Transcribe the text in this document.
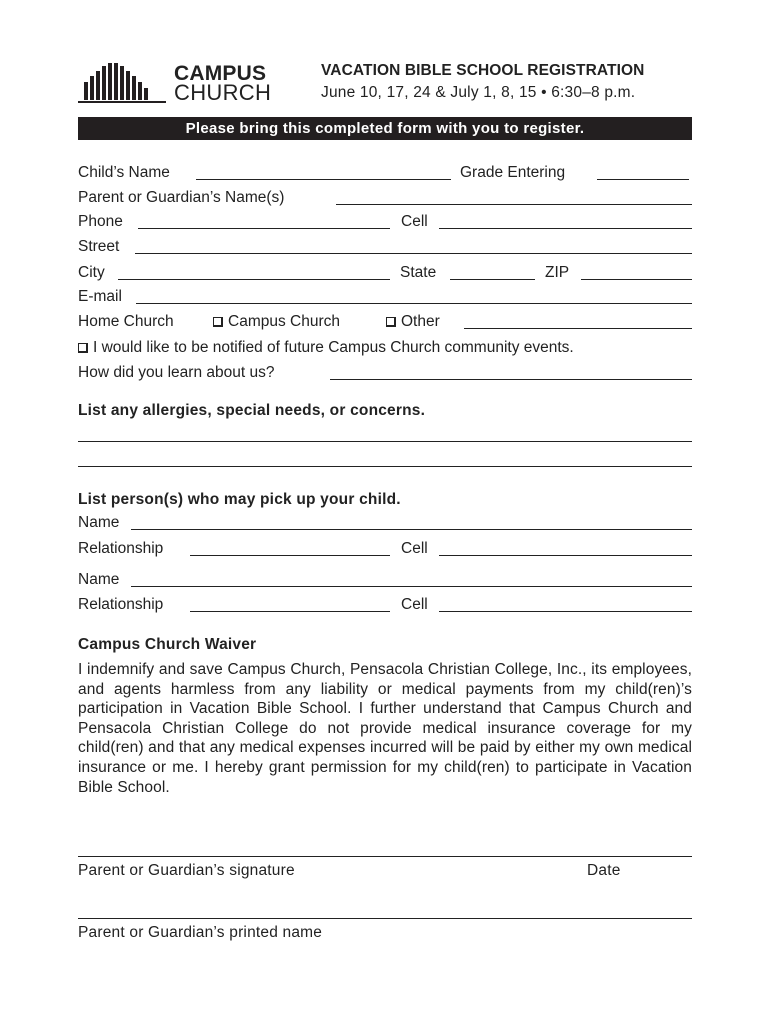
CAMPUS
CHURCH
VACATION BIBLE SCHOOL REGISTRATION
June 10, 17, 24 & July 1, 8, 15 • 6:30–8 p.m.
Please bring this completed form with you to register.
Child’s Name	Grade Entering
Parent or Guardian’s Name(s)
Phone	Cell
Street
City	State	ZIP
E-mail
Home Church	Campus Church	Other
I would like to be notified of future Campus Church community events.
How did you learn about us?
List any allergies, special needs, or concerns.
List person(s) who may pick up your child.
Name
Relationship	Cell
Name
Relationship	Cell
Campus Church Waiver
I indemnify and save Campus Church, Pensacola Christian College, Inc., its employees, and agents harmless from any liability or medical payments from my child(ren)’s participation in Vacation Bible School. I further understand that Campus Church and Pensacola Christian College do not provide medical insurance coverage for my child(ren) and that any medical expenses incurred will be paid by either my own medical insurance or me. I hereby grant permission for my child(ren) to participate in Vacation Bible School.
Parent or Guardian’s signature	Date
Parent or Guardian’s printed name
